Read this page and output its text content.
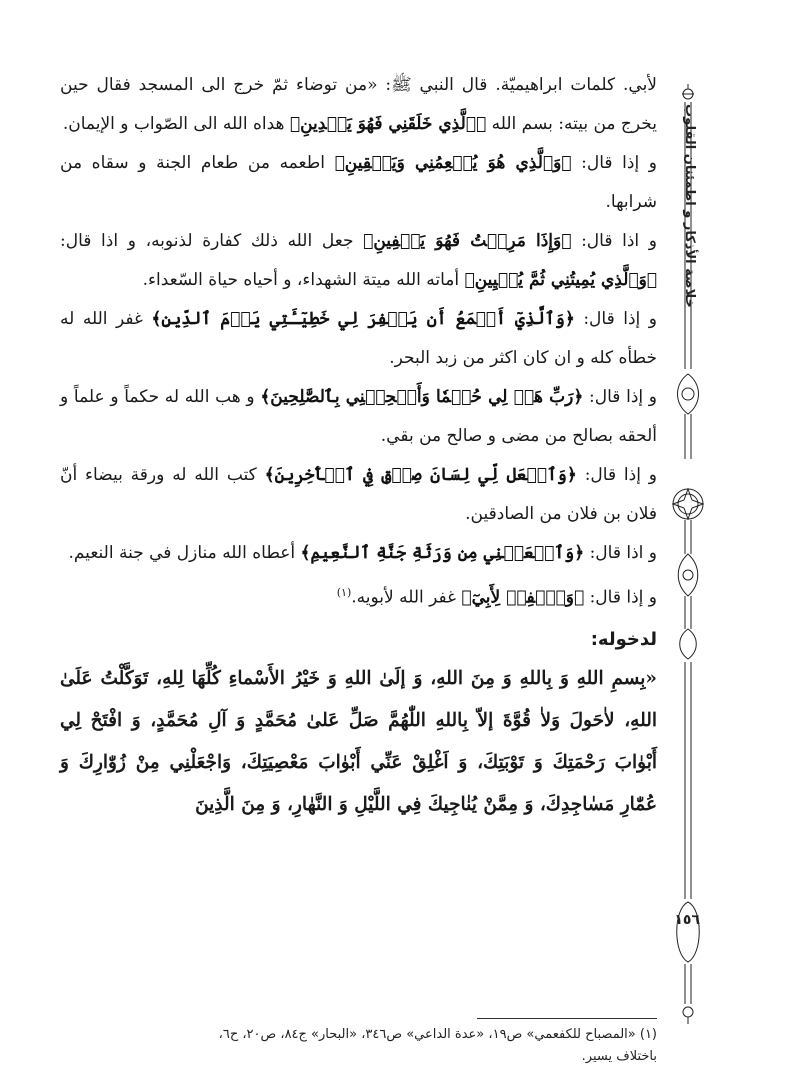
خلاصة الأذكار و اطمئنان القلوب
١٥٦

لأبي. كلمات ابراهيميّة. قال النبي ﷺ: «من توضاء ثمّ خرج الى المسجد فقال حين يخرج من بيته: بسم الله ﴿ٱلَّذِي خَلَقَنِي فَهُوَ يَهۡدِينِ﴾ هداه الله الى الصّواب و الإيمان.

و إذا قال: ﴿وَٱلَّذِي هُوَ يُطۡعِمُنِي وَيَسۡقِينِ﴾ اطعمه من طعام الجنة و سقاه من شرابها.

و اذا قال: ﴿وَإِذَا مَرِضۡتُ فَهُوَ يَشۡفِينِ﴾ جعل الله ذلك كفارة لذنوبه، و اذا قال: ﴿وَٱلَّذِي يُمِيتُنِي ثُمَّ يُحۡيِينِ﴾ أماته الله ميتة الشهداء، و أحياه حياة السّعداء.

و إذا قال: ﴿وَٱلَّذِيٓ أَطۡمَعُ أَن يَغۡفِرَ لِي خَطِيٓـَٔتِي يَوۡمَ ٱلدِّينِ﴾ غفر الله له خطأه كله و ان كان اكثر من زبد البحر.

و إذا قال: ﴿رَبِّ هَبۡ لِي حُكۡمٗا وَأَلۡحِقۡنِي بِٱلصَّٰلِحِينَ﴾ و هب الله له حكماً و علماً و ألحقه بصالح من مضى و صالح من بقي.

و إذا قال: ﴿وَٱجۡعَل لِّي لِسَانَ صِدۡقٖ فِي ٱلۡأٓخِرِينَ﴾ كتب الله له ورقة بيضاء أنّ فلان بن فلان من الصادقين.

و اذا قال: ﴿وَٱجۡعَلۡنِي مِن وَرَثَةِ جَنَّةِ ٱلنَّعِيمِ﴾ أعطاه الله منازل في جنة النعيم.

و إذا قال: ﴿وَٱغۡفِرۡ لِأَبِيٓ﴾ غفر الله لأبويه.$^{(١)}$

لدخوله:

«بِسمِ اللهِ وَ بِاللهِ وَ مِنَ اللهِ، وَ إلَىٰ اللهِ وَ خَيْرُ الأَسْماءِ كُلِّهَا لِلهِ، تَوَكَّلْتُ عَلَىٰ اللهِ، لاٰحَولَ وَلاٰ قُوَّةَ إلاّ بِاللهِ اللّٰهُمَّ صَلِّ عَلىٰ مُحَمَّدٍ وَ آلِ مُحَمَّدٍ، وَ افْتَحْ لِي أَبْوٰابَ رَحْمَتِكَ وَ تَوْبَتِكَ، وَ اَغْلِقْ عَنِّي أَبْوٰابَ مَعْصِيَتِكَ، وَاجْعَلْنِي مِنْ زُوّٰارِكَ وَ عُمّٰارِ مَسٰاجِدِكَ، وَ مِمَّنْ يُنٰاجِيكَ فِي اللَّيْلِ وَ النَّهٰارِ، وَ مِنَ الَّذِينَ

(١) «المصباح للكفعمي» ص١٩، «عدة الداعي» ص٣٤٦، «البحار» ج٨٤، ص٢٠، ح٦،
باختلاف يسير.
